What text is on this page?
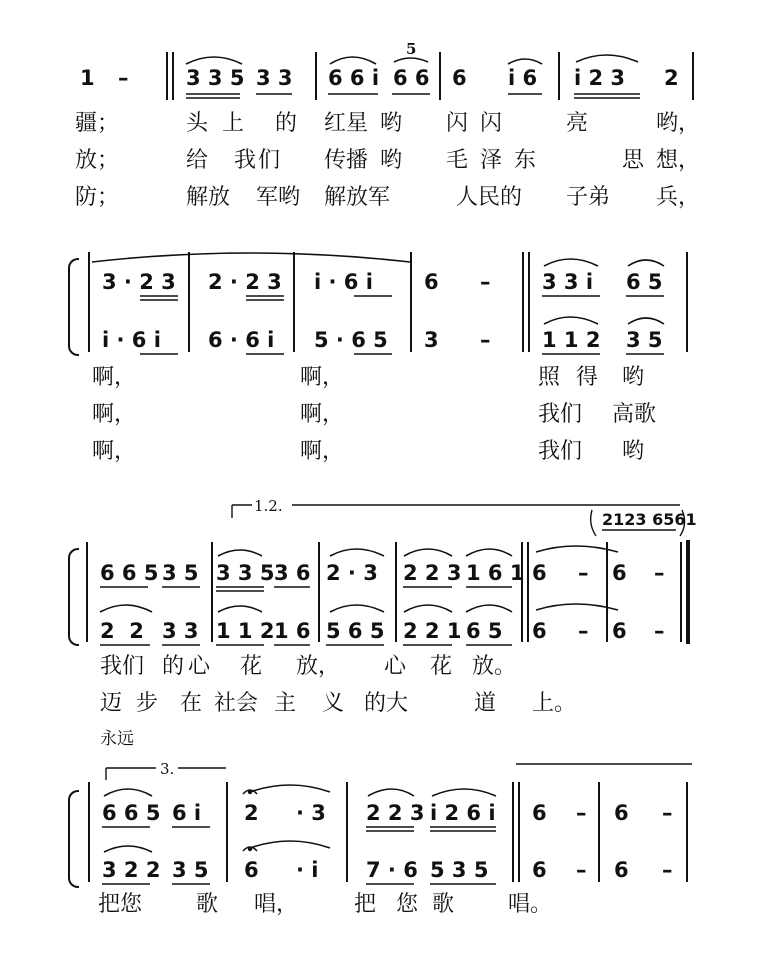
1 –	3 3 5 3 3 6 6 i 6 6
5
6 i 6 i 2 3 2
疆；	头上 的 红星 哟 闪闪 亮	哟，
放；	给 我们 传播 哟 毛泽东	思 想，
防；	解放 军哟 解放军	人民的 子弟 兵，
3 · 2 3 2 · 2 3 i · 6 i 6 – 3 3 i 6 5
i · 6 i 6 · 6 i 5 · 6 5 3 – 1 1 2 3 5
啊，	啊，	照得 哟
啊，	啊，	我们 高歌
啊，	啊，	我们 哟
1.2.
2123 6561
6 6 5 3 5 3 3 5 3 6 2 · 3 2 2 3 1 6 1 6 – 6 –
2  2 3 3 1 1 2 1 6 5 6 5 2 2 1 6 5 6 – 6 –
我们 的 心 花 放， 心 花 放。
迈 步 在 社会 主 义 的大	道 上。
永远
3.
6 6 5 6 i 2 · 3 2 2 3 i 2 6 i 6 – 6 –
3 2 2 3 5 6 · i 7 · 6 5 3 5 6 – 6 –
把您 歌 唱，	把 您 歌 唱。
